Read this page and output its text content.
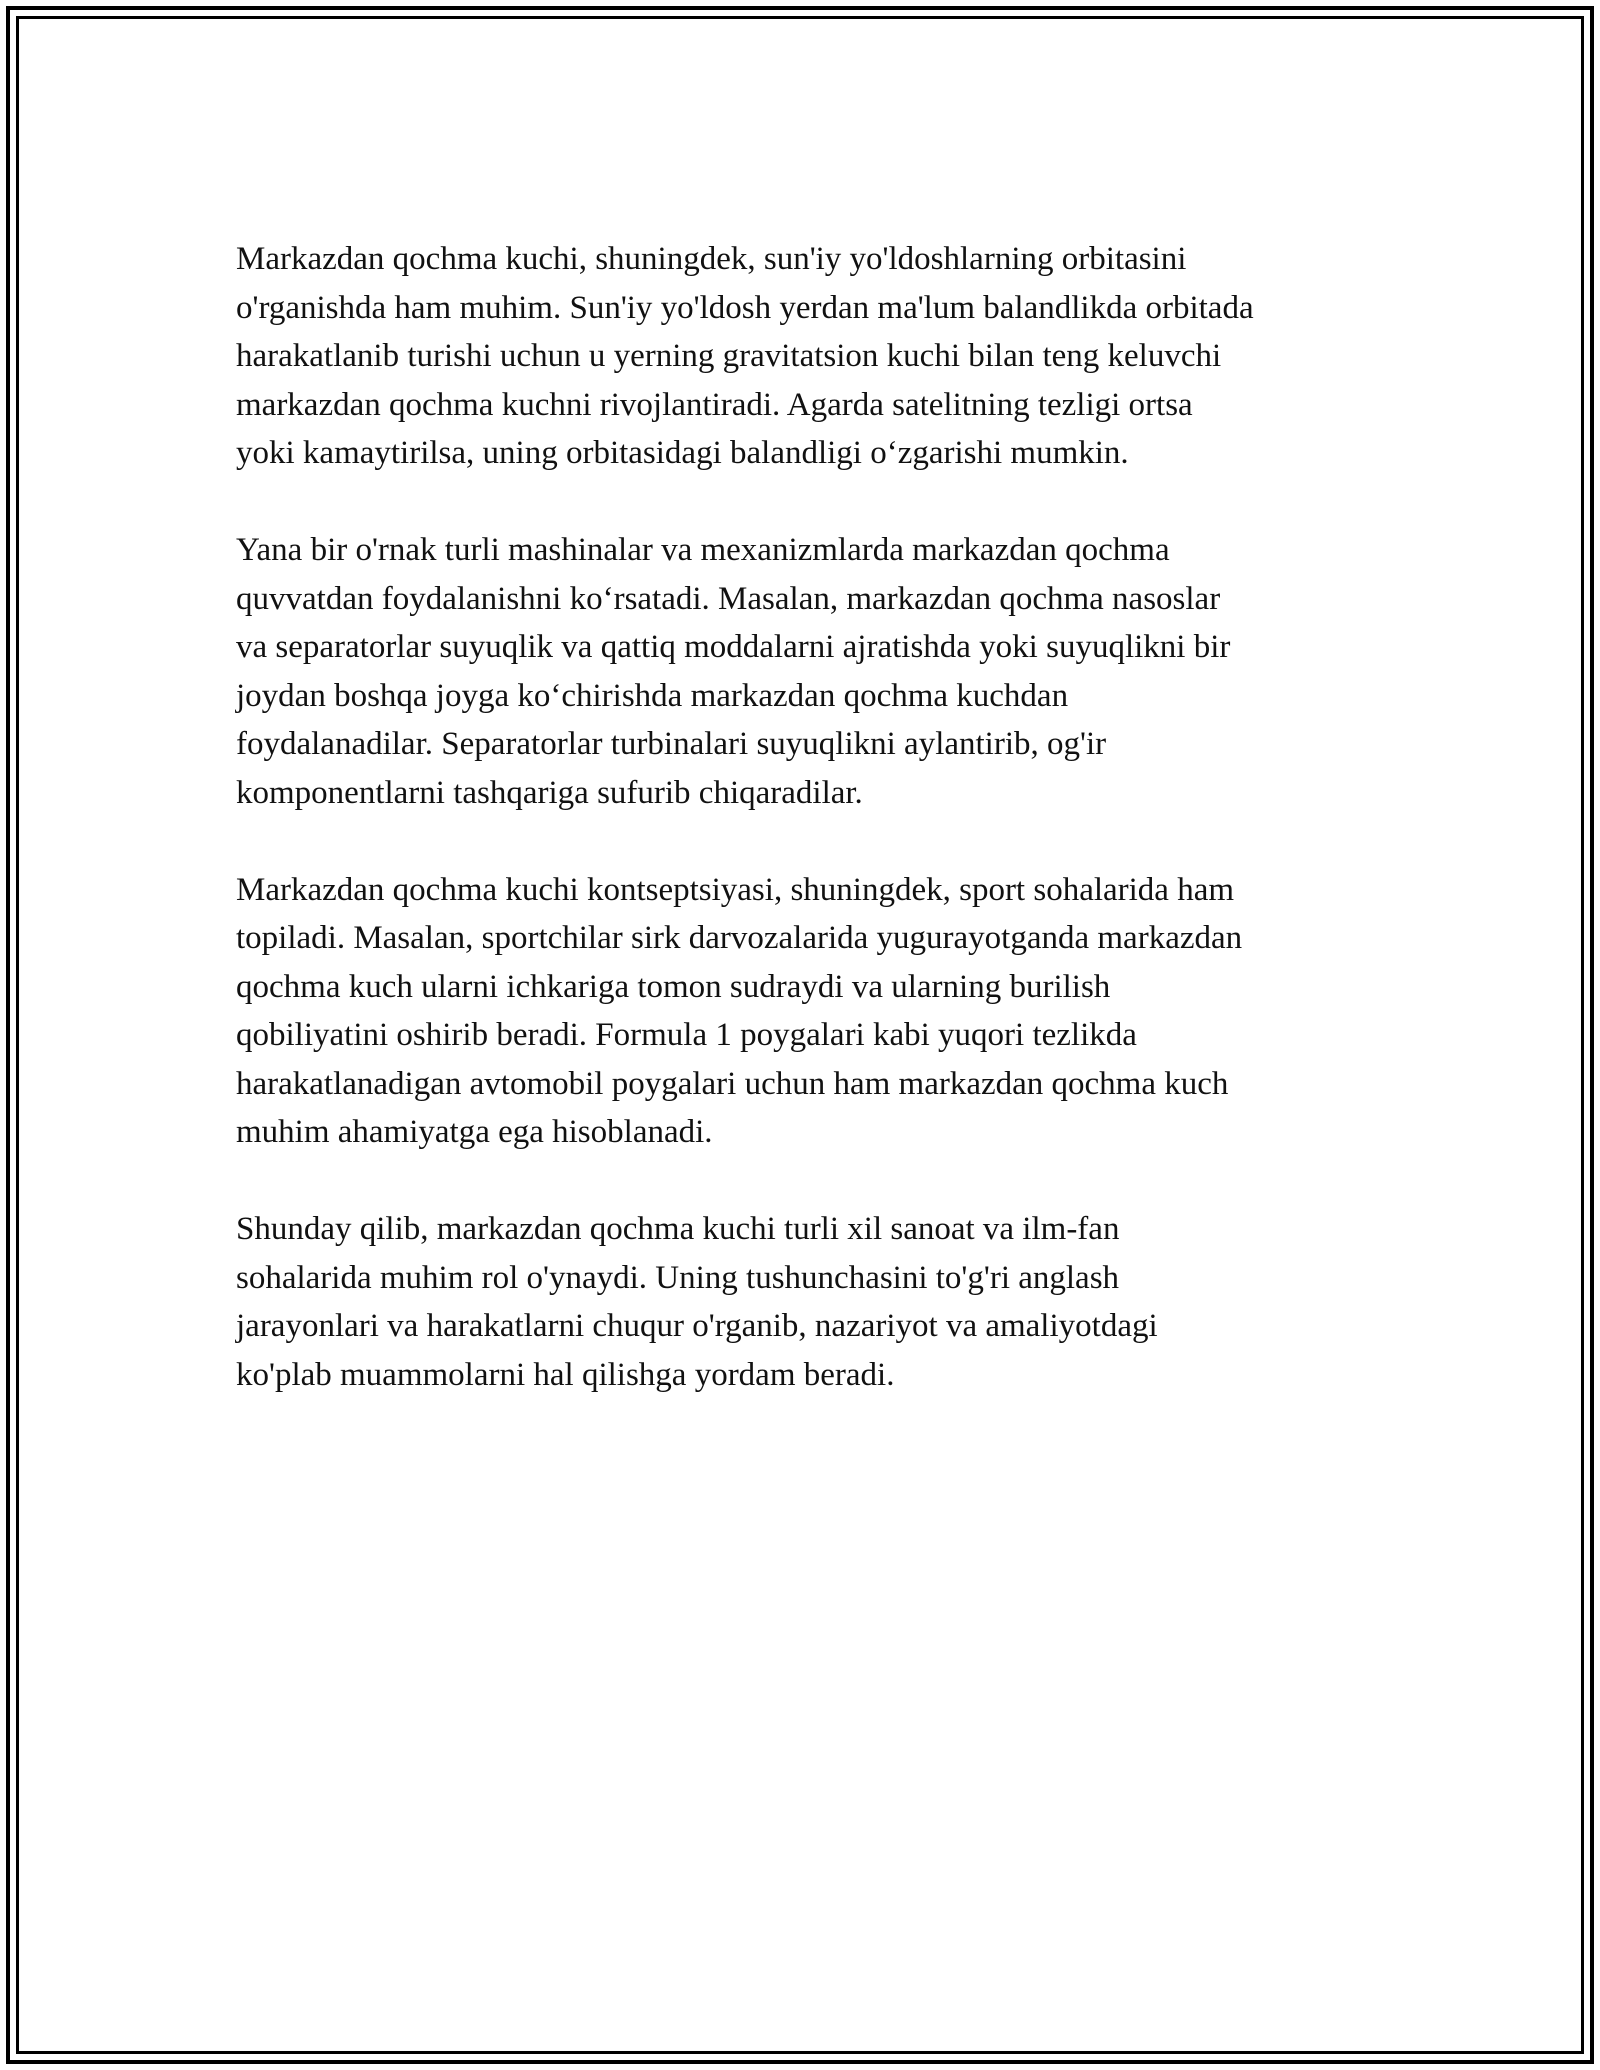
Markazdan qochma kuchi, shuningdek, sun'iy yo'ldoshlarning orbitasini
o'rganishda ham muhim. Sun'iy yo'ldosh yerdan ma'lum balandlikda orbitada
harakatlanib turishi uchun u yerning gravitatsion kuchi bilan teng keluvchi
markazdan qochma kuchni rivojlantiradi. Agarda satelitning tezligi ortsa
yoki kamaytirilsa, uning orbitasidagi balandligi o‘zgarishi mumkin.

Yana bir o'rnak turli mashinalar va mexanizmlarda markazdan qochma
quvvatdan foydalanishni ko‘rsatadi. Masalan, markazdan qochma nasoslar
va separatorlar suyuqlik va qattiq moddalarni ajratishda yoki suyuqlikni bir
joydan boshqa joyga ko‘chirishda markazdan qochma kuchdan
foydalanadilar. Separatorlar turbinalari suyuqlikni aylantirib, og'ir
komponentlarni tashqariga sufurib chiqaradilar.

Markazdan qochma kuchi kontseptsiyasi, shuningdek, sport sohalarida ham
topiladi. Masalan, sportchilar sirk darvozalarida yugurayotganda markazdan
qochma kuch ularni ichkariga tomon sudraydi va ularning burilish
qobiliyatini oshirib beradi. Formula 1 poygalari kabi yuqori tezlikda
harakatlanadigan avtomobil poygalari uchun ham markazdan qochma kuch
muhim ahamiyatga ega hisoblanadi.

Shunday qilib, markazdan qochma kuchi turli xil sanoat va ilm-fan
sohalarida muhim rol o'ynaydi. Uning tushunchasini to'g'ri anglash
jarayonlari va harakatlarni chuqur o'rganib, nazariyot va amaliyotdagi
ko'plab muammolarni hal qilishga yordam beradi.
